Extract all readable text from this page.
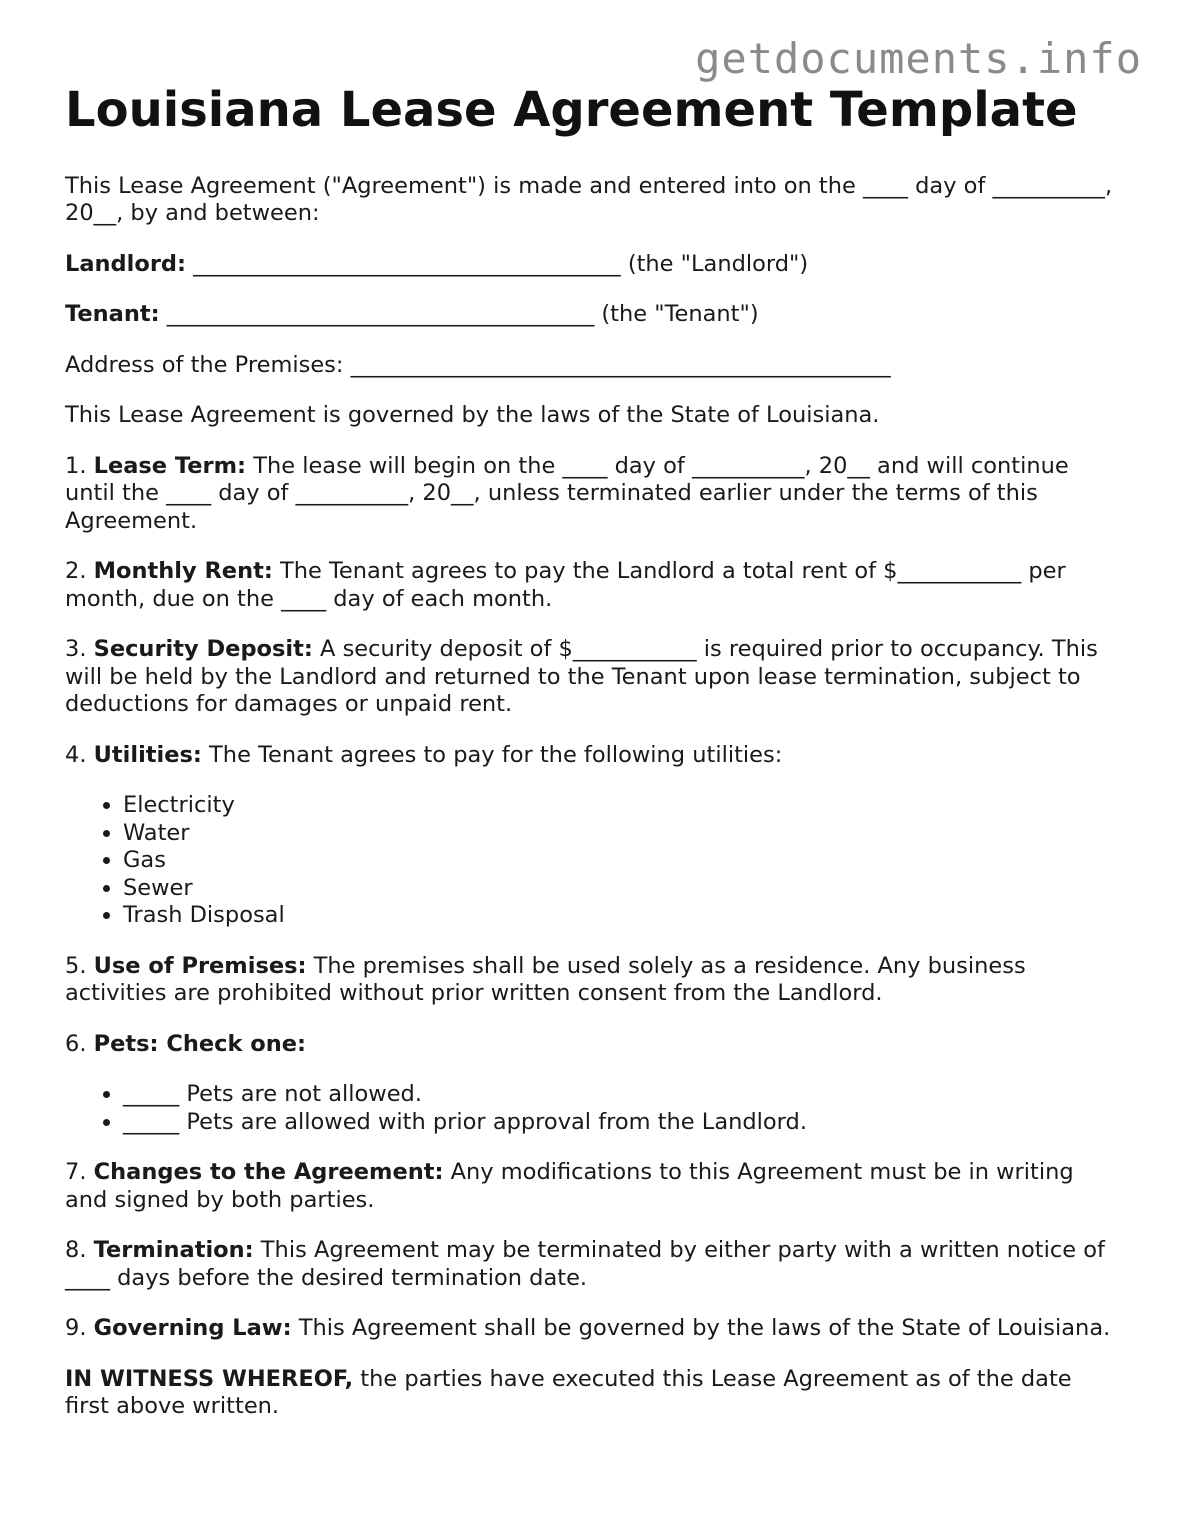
getdocuments.info
Louisiana Lease Agreement Template

This Lease Agreement ("Agreement") is made and entered into on the ____ day of __________, 20__, by and between:

Landlord: ______________________________________ (the "Landlord")

Tenant: ______________________________________ (the "Tenant")

Address of the Premises: ________________________________________________

This Lease Agreement is governed by the laws of the State of Louisiana.

1. Lease Term: The lease will begin on the ____ day of __________, 20__ and will continue until the ____ day of __________, 20__, unless terminated earlier under the terms of this Agreement.

2. Monthly Rent: The Tenant agrees to pay the Landlord a total rent of $___________ per month, due on the ____ day of each month.

3. Security Deposit: A security deposit of $___________ is required prior to occupancy. This will be held by the Landlord and returned to the Tenant upon lease termination, subject to deductions for damages or unpaid rent.

4. Utilities: The Tenant agrees to pay for the following utilities:

• Electricity
• Water
• Gas
• Sewer
• Trash Disposal

5. Use of Premises: The premises shall be used solely as a residence. Any business activities are prohibited without prior written consent from the Landlord.

6. Pets: Check one:

• _____ Pets are not allowed.
• _____ Pets are allowed with prior approval from the Landlord.

7. Changes to the Agreement: Any modifications to this Agreement must be in writing and signed by both parties.

8. Termination: This Agreement may be terminated by either party with a written notice of ____ days before the desired termination date.

9. Governing Law: This Agreement shall be governed by the laws of the State of Louisiana.

IN WITNESS WHEREOF, the parties have executed this Lease Agreement as of the date first above written.
